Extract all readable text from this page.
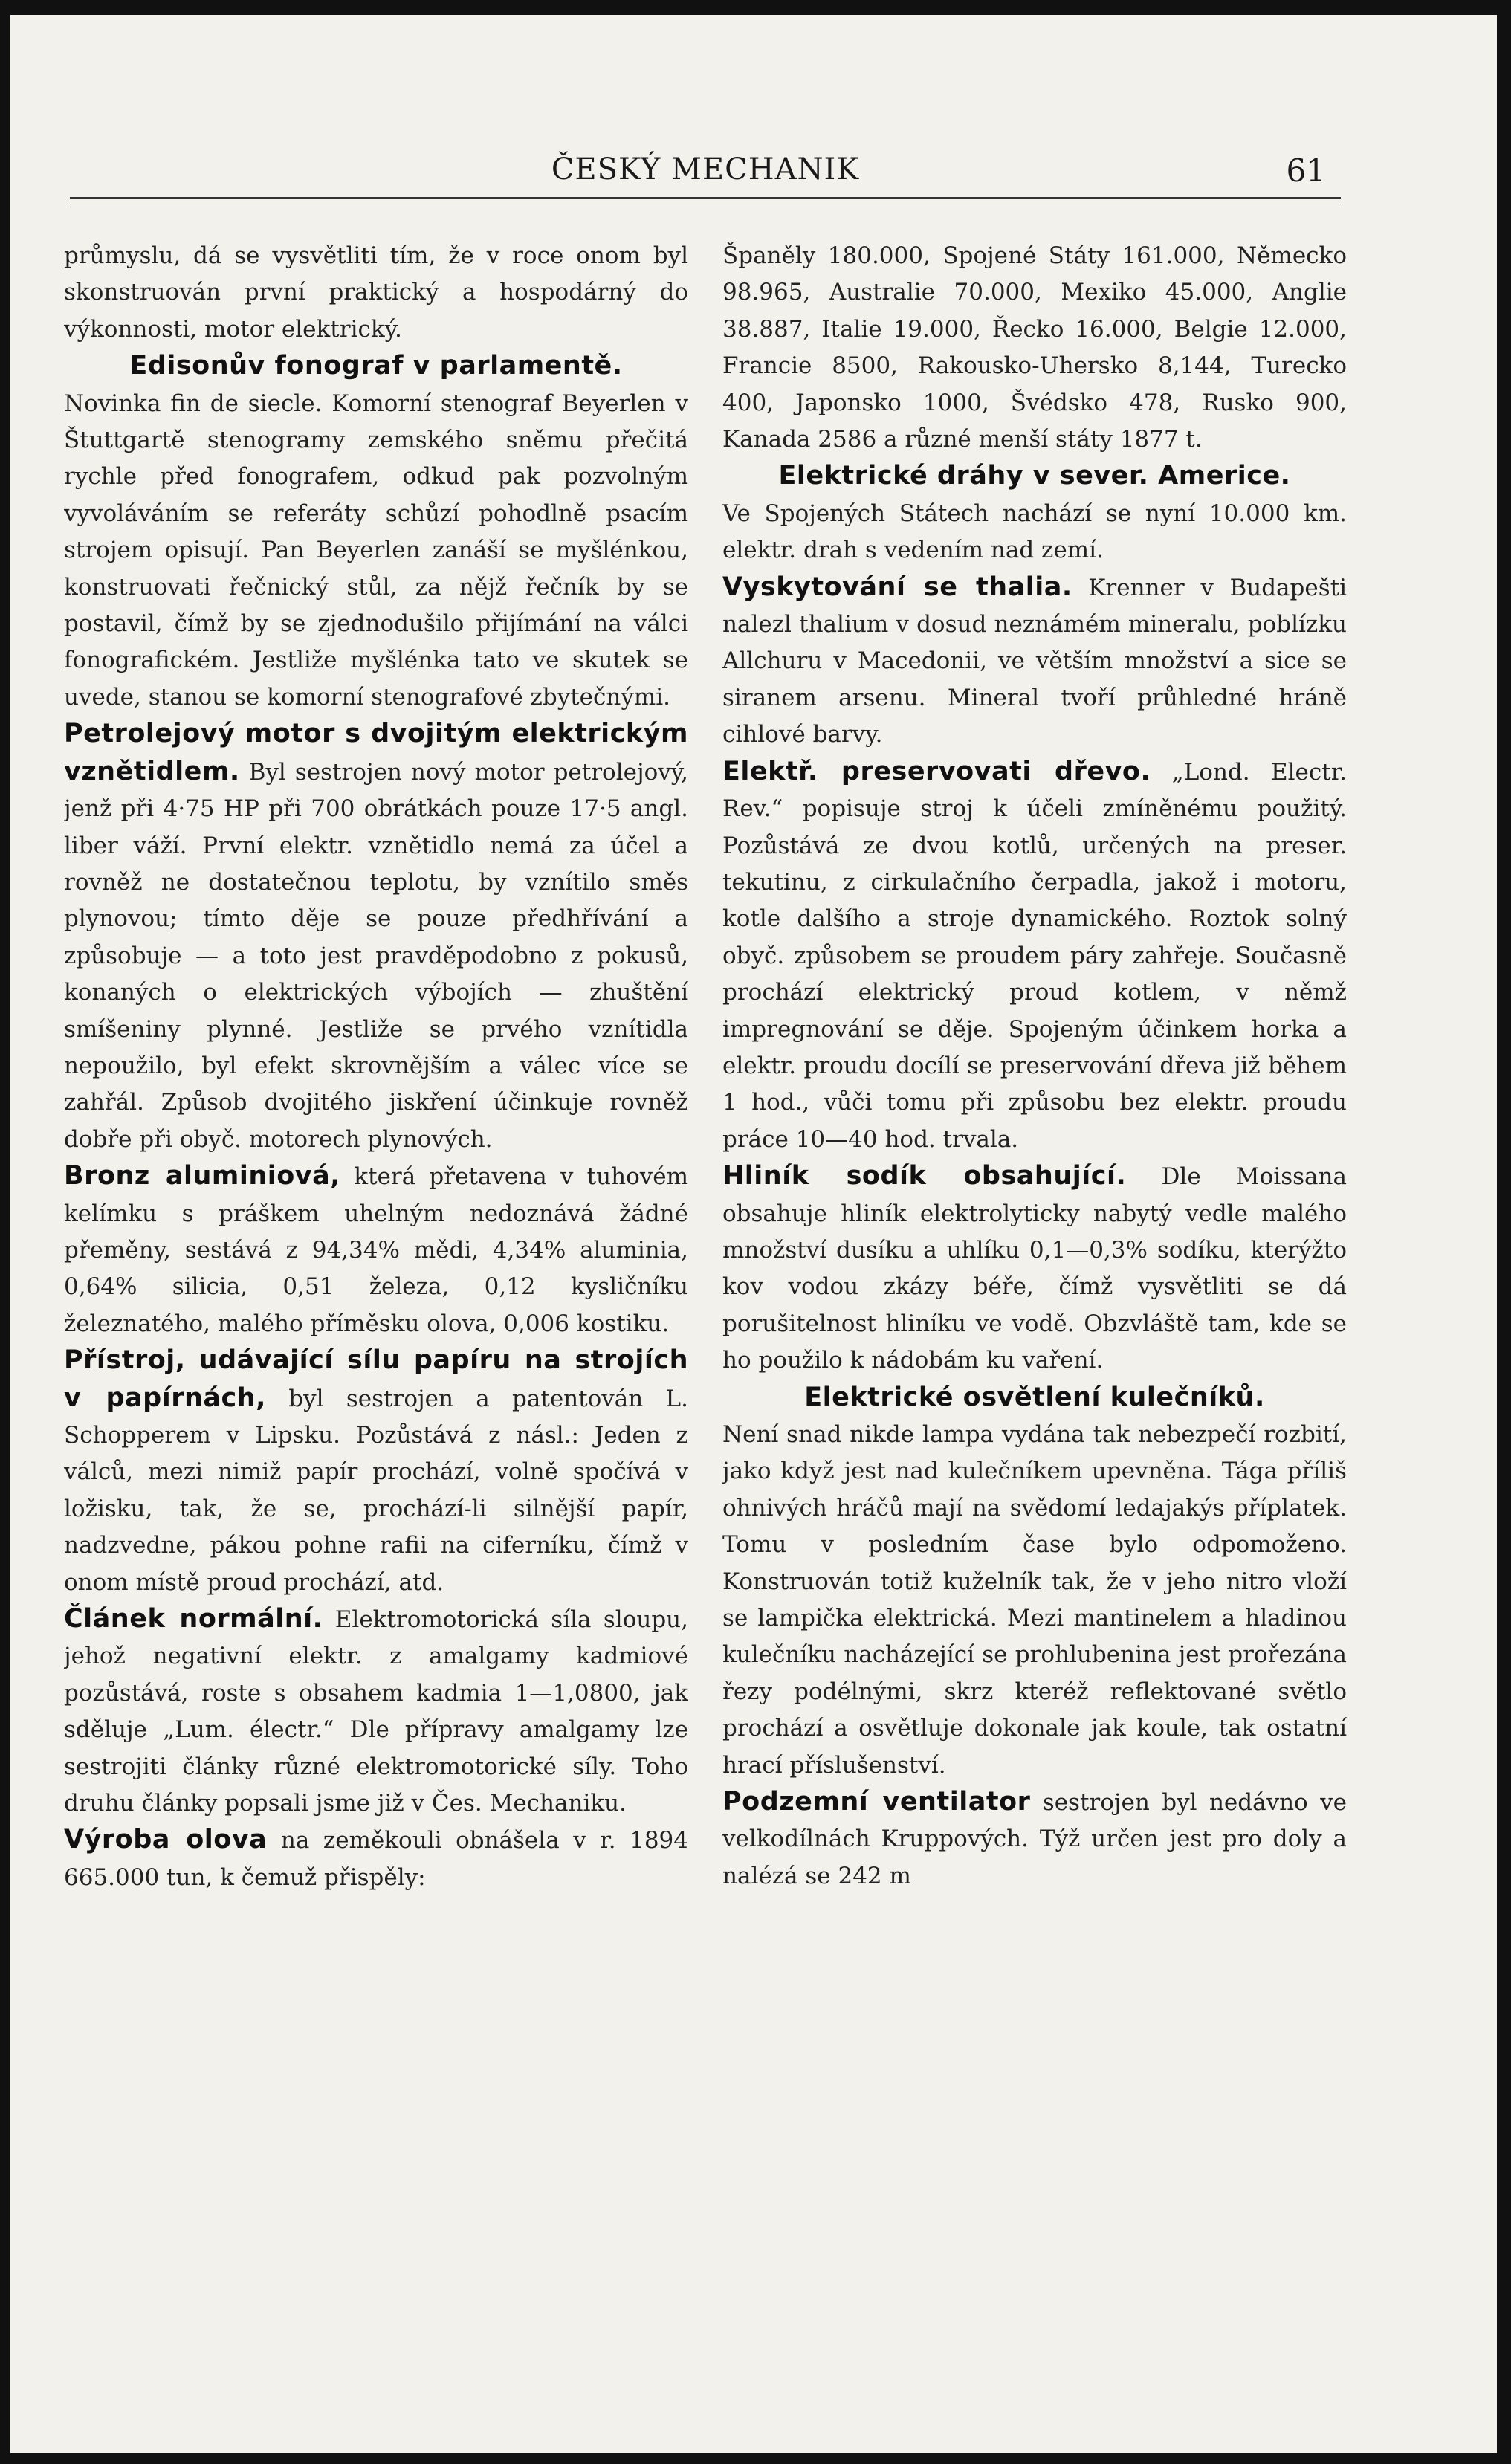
ČESKÝ MECHANIK	61

průmyslu, dá se vysvětliti tím, že v roce onom byl skonstruován první praktický a hospodárný do výkonnosti, motor elektrický.

Edisonův fonograf v parlamentě.

Novinka fin de siecle. Komorní stenograf Beyerlen v Štuttgartě stenogramy zemského sněmu přečitá rychle před fonografem, odkud pak pozvolným vyvoláváním se referáty schůzí pohodlně psacím strojem opisují. Pan Beyerlen zanáší se myšlénkou, konstruovati řečnický stůl, za nějž řečník by se postavil, čímž by se zjednodušilo přijímání na válci fonografickém. Jestliže myšlénka tato ve skutek se uvede, stanou se komorní stenografové zbytečnými.

Petrolejový motor s dvojitým elektrickým vznětidlem. Byl sestrojen nový motor petrolejový, jenž při 4·75 HP při 700 obrátkách pouze 17·5 angl. liber váží. První elektr. vznětidlo nemá za účel a rovněž ne dostatečnou teplotu, by vznítilo směs plynovou; tímto děje se pouze předhřívání a způsobuje — a toto jest pravděpodobno z pokusů, konaných o elektrických výbojích — zhuštění smíšeniny plynné. Jestliže se prvého vznítidla nepoužilo, byl efekt skrovnějším a válec více se zahřál. Způsob dvojitého jiskření účinkuje rovněž dobře při obyč. motorech plynových.

Bronz aluminiová, která přetavena v tuhovém kelímku s práškem uhelným nedoznává žádné přeměny, sestává z 94,34% mědi, 4,34% aluminia, 0,64% silicia, 0,51 železa, 0,12 kysličníku železnatého, malého příměsku olova, 0,006 kostiku.

Přístroj, udávající sílu papíru na strojích v papírnách, byl sestrojen a patentován L. Schopperem v Lipsku. Pozůstává z násl.: Jeden z válců, mezi nimiž papír prochází, volně spočívá v ložisku, tak, že se, prochází-li silnější papír, nadzvedne, pákou pohne rafii na ciferníku, čímž v onom místě proud prochází, atd.

Článek normální. Elektromotorická síla sloupu, jehož negativní elektr. z amalgamy kadmiové pozůstává, roste s obsahem kadmia 1—1,0800, jak sděluje „Lum. électr.“ Dle přípravy amalgamy lze sestrojiti články různé elektromotorické síly. Toho druhu články popsali jsme již v Čes. Mechaniku.

Výroba olova na zeměkouli obnášela v r. 1894 665.000 tun, k čemuž přispěly:

Španěly 180.000, Spojené Státy 161.000, Německo 98.965, Australie 70.000, Mexiko 45.000, Anglie 38.887, Italie 19.000, Řecko 16.000, Belgie 12.000, Francie 8500, Rakousko-Uhersko 8,144, Turecko 400, Japonsko 1000, Švédsko 478, Rusko 900, Kanada 2586 a různé menší státy 1877 t.

Elektrické dráhy v sever. Americe.

Ve Spojených Státech nachází se nyní 10.000 km. elektr. drah s vedením nad zemí.

Vyskytování se thalia. Krenner v Budapešti nalezl thalium v dosud neznámém mineralu, poblízku Allchuru v Macedonii, ve větším množství a sice se siranem arsenu. Mineral tvoří průhledné hráně cihlové barvy.

Elektř. preservovati dřevo. „Lond. Electr. Rev.“ popisuje stroj k účeli zmíněnému použitý. Pozůstává ze dvou kotlů, určených na preser. tekutinu, z cirkulačního čerpadla, jakož i motoru, kotle dalšího a stroje dynamického. Roztok solný obyč. způsobem se proudem páry zahřeje. Současně prochází elektrický proud kotlem, v němž impregnování se děje. Spojeným účinkem horka a elektr. proudu docílí se preservování dřeva již během 1 hod., vůči tomu při způsobu bez elektr. proudu práce 10—40 hod. trvala.

Hliník sodík obsahující. Dle Moissana obsahuje hliník elektrolyticky nabytý vedle malého množství dusíku a uhlíku 0,1—0,3% sodíku, kterýžto kov vodou zkázy béře, čímž vysvětliti se dá porušitelnost hliníku ve vodě. Obzvláště tam, kde se ho použilo k nádobám ku vaření.

Elektrické osvětlení kulečníků.

Není snad nikde lampa vydána tak nebezpečí rozbití, jako když jest nad kulečníkem upevněna. Tága příliš ohnivých hráčů mají na svědomí ledajakýs příplatek. Tomu v posledním čase bylo odpomoženo. Konstruován totiž kuželník tak, že v jeho nitro vloží se lampička elektrická. Mezi mantinelem a hladinou kulečníku nacházející se prohlubenina jest prořezána řezy podélnými, skrz kteréž reflektované světlo prochází a osvětluje dokonale jak koule, tak ostatní hrací příslušenství.

Podzemní ventilator sestrojen byl nedávno ve velkodílnách Kruppových. Týž určen jest pro doly a nalézá se 242 m
